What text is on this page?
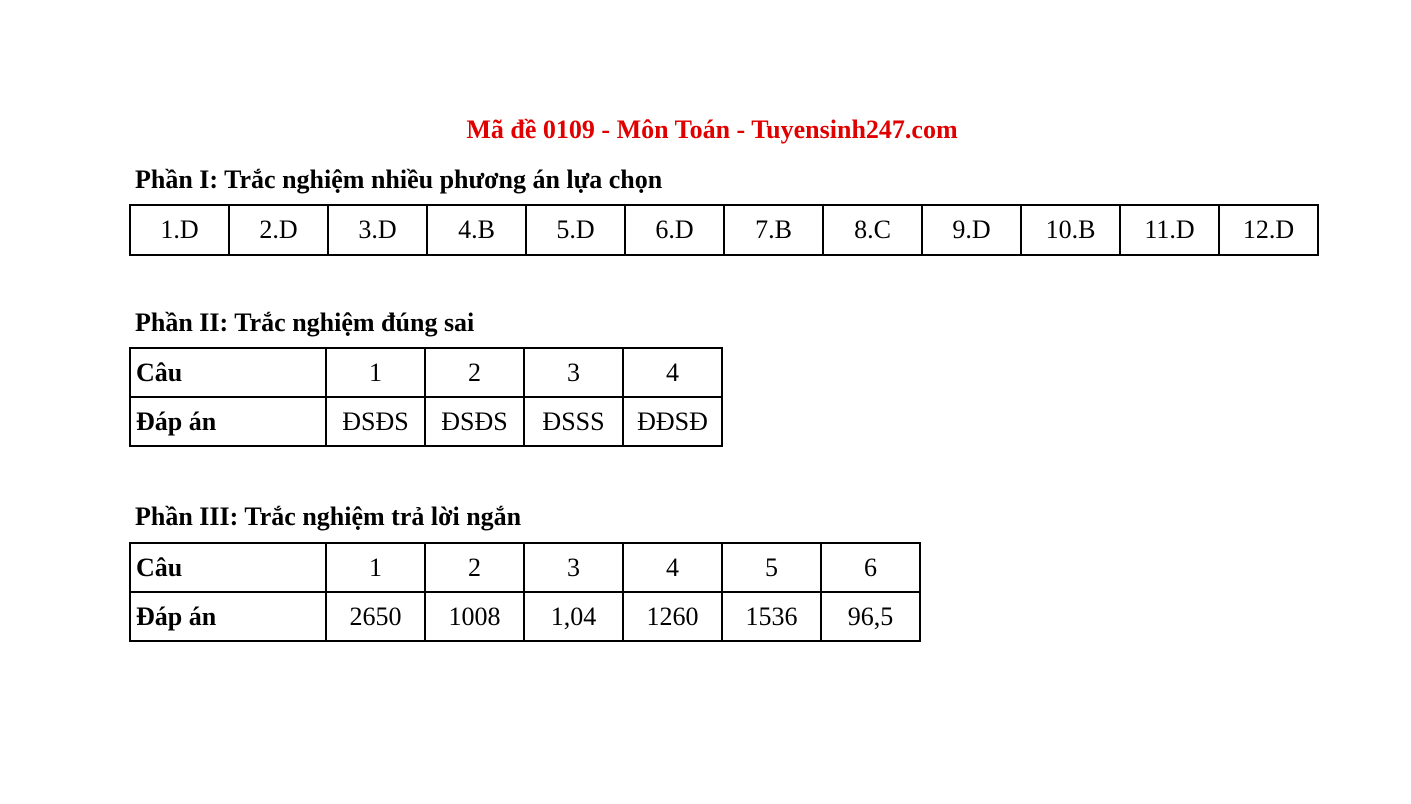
Mã đề 0109 - Môn Toán - Tuyensinh247.com
Phần I: Trắc nghiệm nhiều phương án lựa chọn
1.D	2.D	3.D	4.B	5.D	6.D	7.B	8.C	9.D	10.B	11.D	12.D
Phần II: Trắc nghiệm đúng sai
Câu	1	2	3	4
Đáp án	ĐSĐS	ĐSĐS	ĐSSS	ĐĐSĐ
Phần III: Trắc nghiệm trả lời ngắn
Câu	1	2	3	4	5	6
Đáp án	2650	1008	1,04	1260	1536	96,5
